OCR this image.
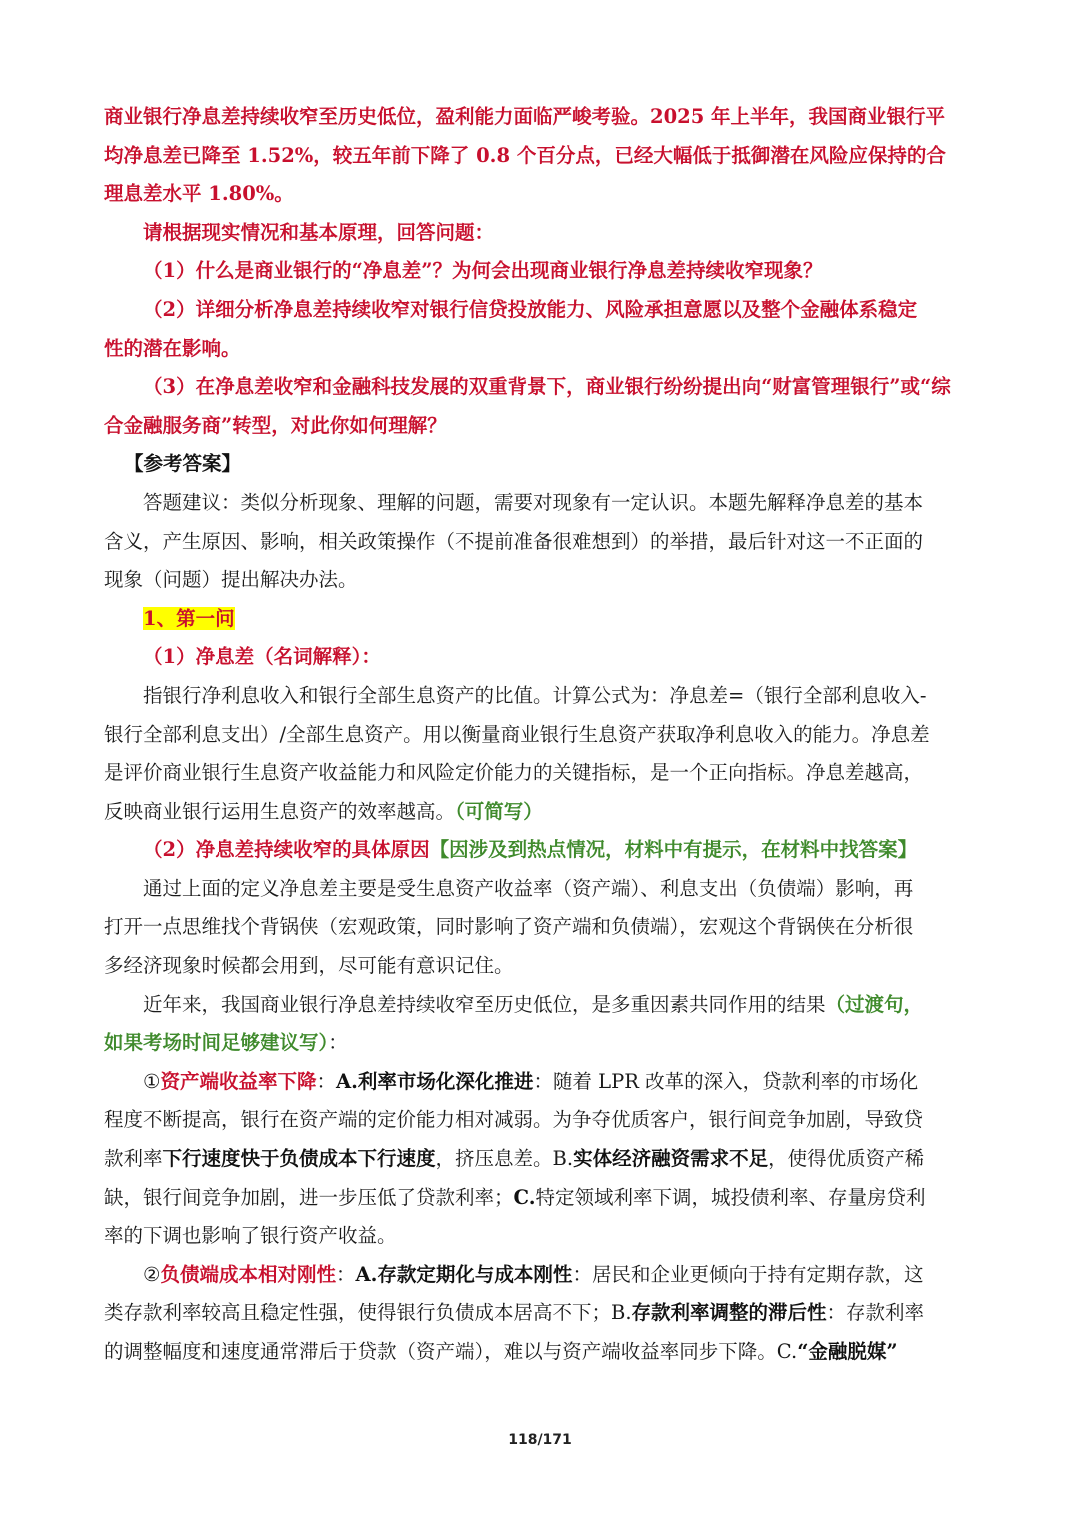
商业银行净息差持续收窄至历史低位，盈利能力面临严峻考验。2025 年上半年，我国商业银行平

均净息差已降至 1.52%，较五年前下降了 0.8 个百分点，已经大幅低于抵御潜在风险应保持的合

理息差水平 1.80%。

请根据现实情况和基本原理，回答问题：

（1）什么是商业银行的“净息差”？为何会出现商业银行净息差持续收窄现象？

（2）详细分析净息差持续收窄对银行信贷投放能力、风险承担意愿以及整个金融体系稳定

性的潜在影响。

（3）在净息差收窄和金融科技发展的双重背景下，商业银行纷纷提出向“财富管理银行”或“综

合金融服务商”转型，对此你如何理解？

【参考答案】

答题建议：类似分析现象、理解的问题，需要对现象有一定认识。本题先解释净息差的基本

含义，产生原因、影响，相关政策操作（不提前准备很难想到）的举措，最后针对这一不正面的

现象（问题）提出解决办法。

1、第一问

（1）净息差（名词解释）：

指银行净利息收入和银行全部生息资产的比值。计算公式为：净息差=（银行全部利息收入-

银行全部利息支出）/全部生息资产。用以衡量商业银行生息资产获取净利息收入的能力。净息差

是评价商业银行生息资产收益能力和风险定价能力的关键指标，是一个正向指标。净息差越高，

反映商业银行运用生息资产的效率越高。（可简写）

（2）净息差持续收窄的具体原因【因涉及到热点情况，材料中有提示，在材料中找答案】

通过上面的定义净息差主要是受生息资产收益率（资产端）、利息支出（负债端）影响，再

打开一点思维找个背锅侠（宏观政策，同时影响了资产端和负债端），宏观这个背锅侠在分析很

多经济现象时候都会用到，尽可能有意识记住。

近年来，我国商业银行净息差持续收窄至历史低位，是多重因素共同作用的结果（过渡句，

如果考场时间足够建议写）：

①资产端收益率下降：A.利率市场化深化推进：随着 LPR 改革的深入，贷款利率的市场化

程度不断提高，银行在资产端的定价能力相对减弱。为争夺优质客户，银行间竞争加剧，导致贷

款利率下行速度快于负债成本下行速度，挤压息差。B.实体经济融资需求不足，使得优质资产稀

缺，银行间竞争加剧，进一步压低了贷款利率；C.特定领域利率下调，城投债利率、存量房贷利

率的下调也影响了银行资产收益。

②负债端成本相对刚性：A.存款定期化与成本刚性：居民和企业更倾向于持有定期存款，这

类存款利率较高且稳定性强，使得银行负债成本居高不下；B.存款利率调整的滞后性：存款利率

的调整幅度和速度通常滞后于贷款（资产端），难以与资产端收益率同步下降。C.“金融脱媒”

118/171
